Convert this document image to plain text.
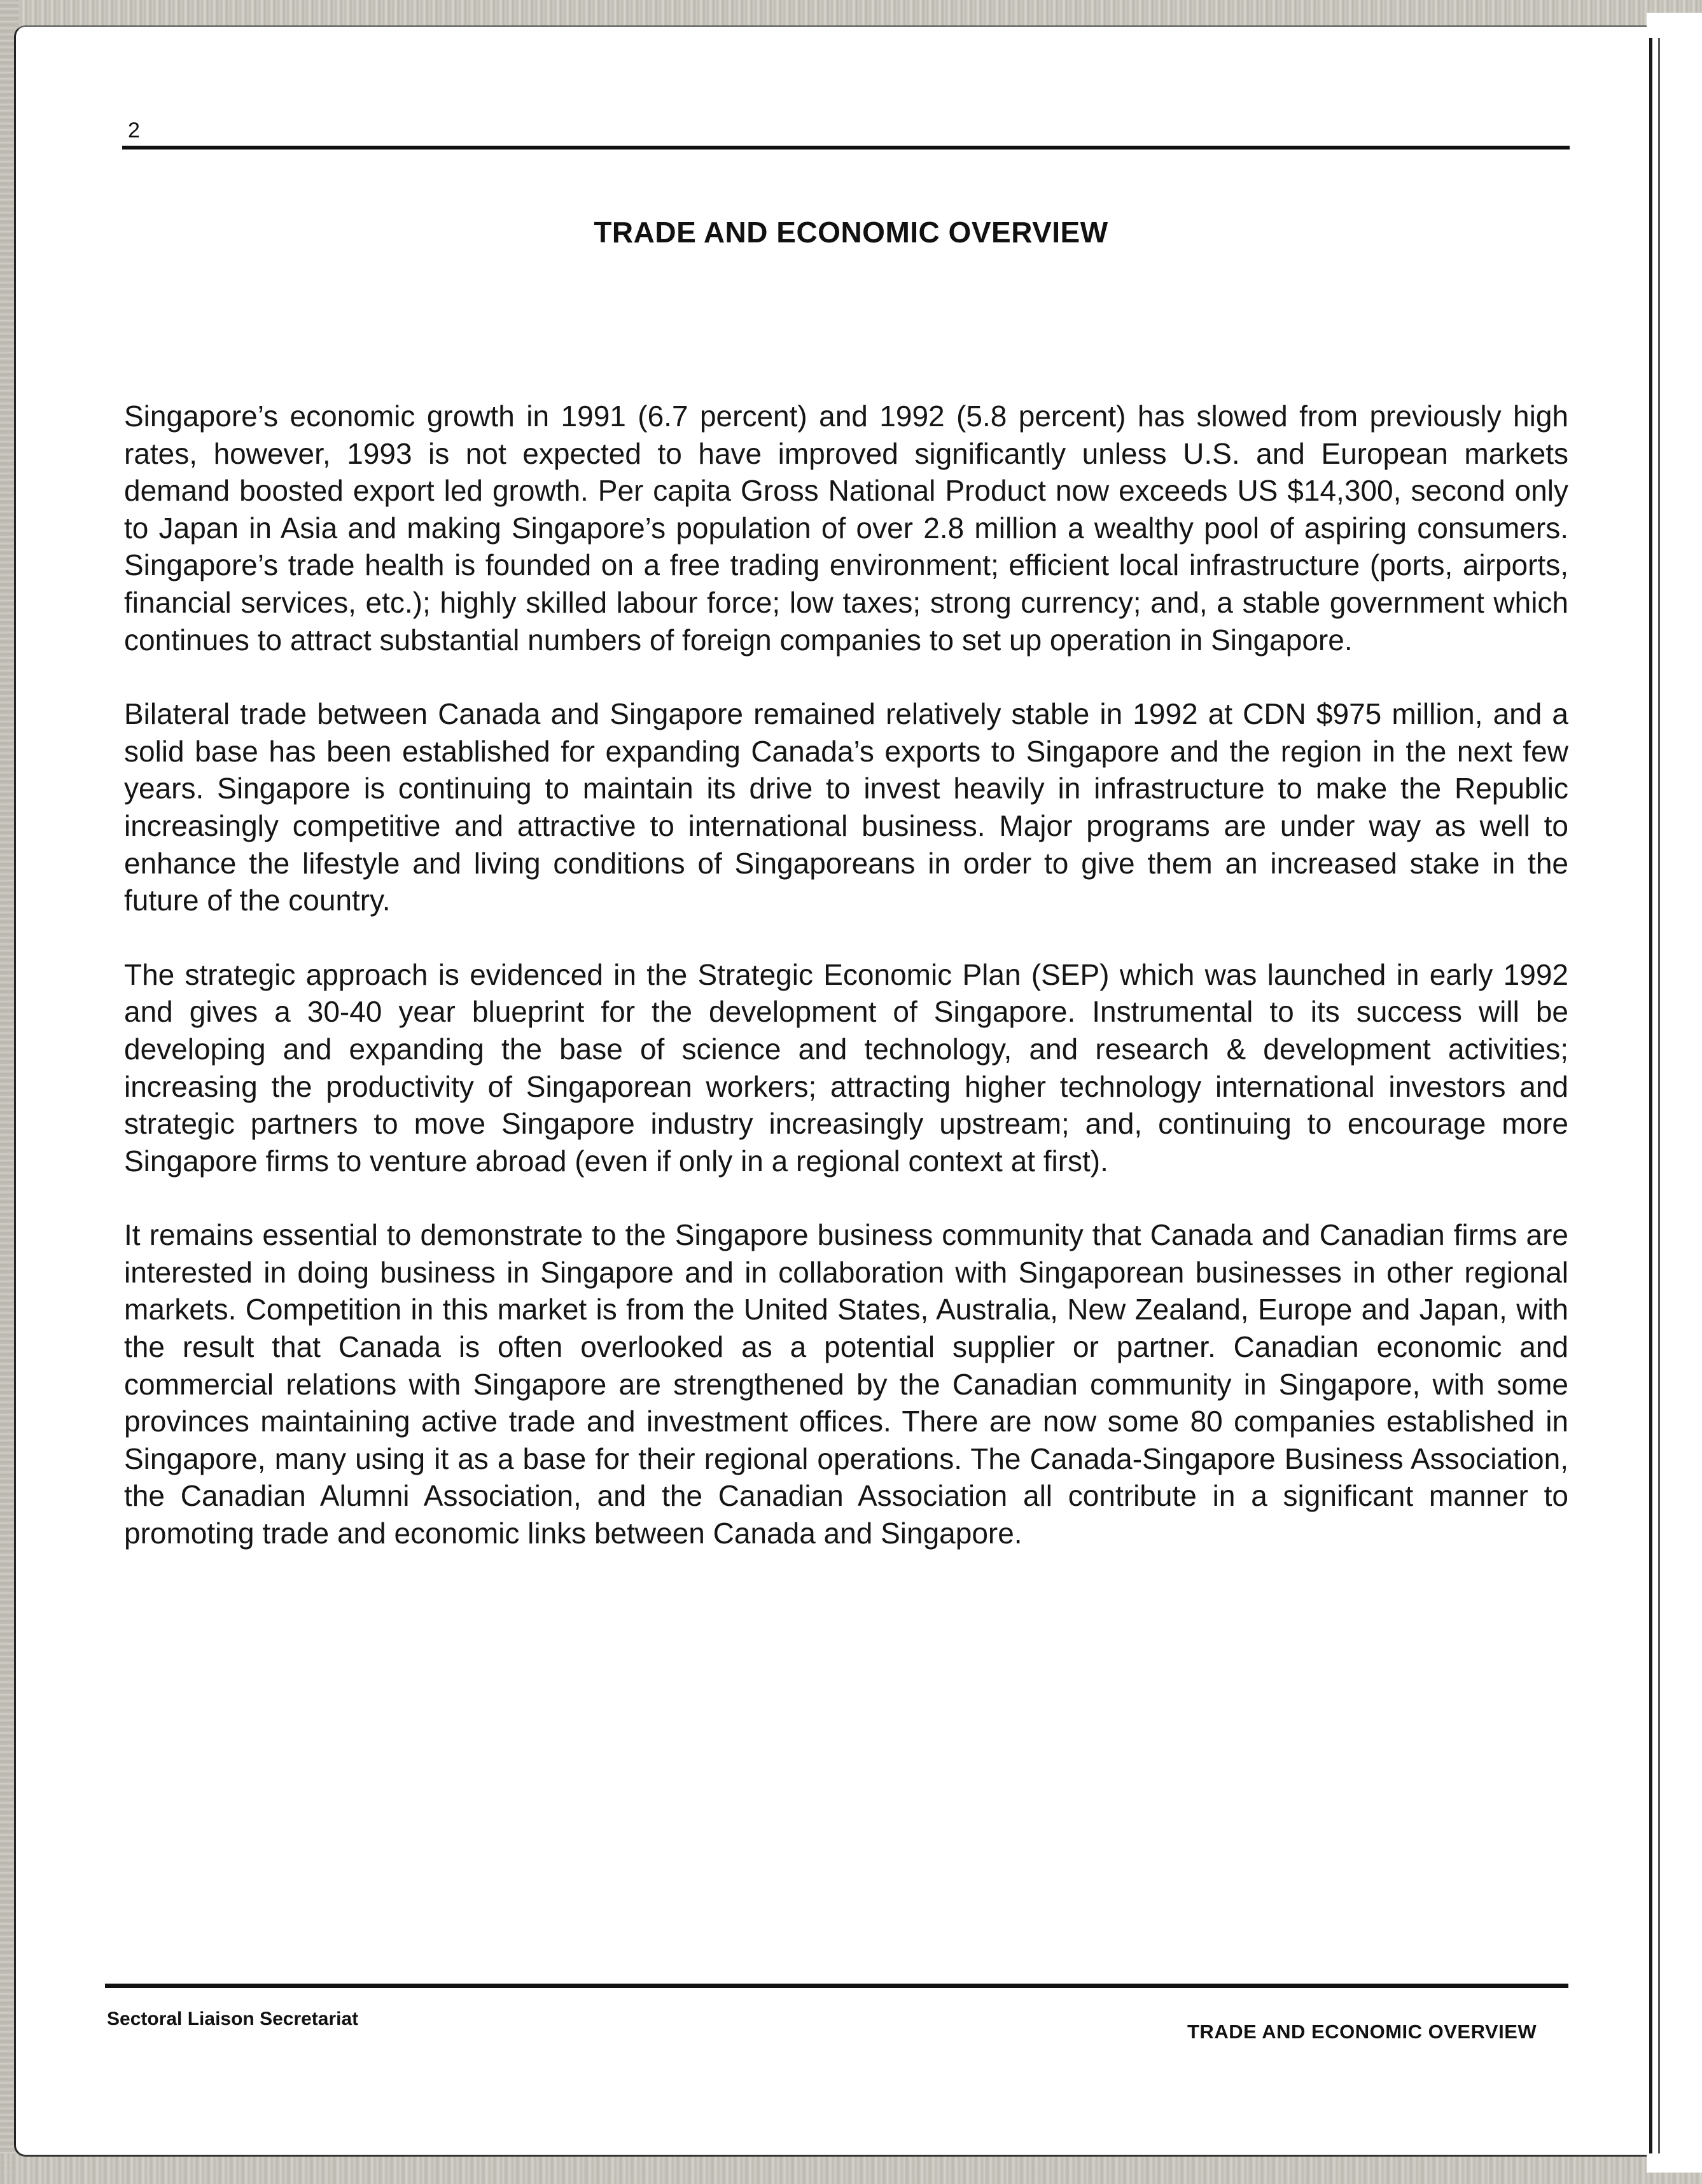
2
TRADE AND ECONOMIC OVERVIEW

Singapore’s economic growth in 1991 (6.7 percent) and 1992 (5.8 percent) has slowed from previously high rates, however, 1993 is not expected to have improved significantly unless U.S. and European markets demand boosted export led growth. Per capita Gross National Product now exceeds US $14,300, second only to Japan in Asia and making Singapore’s population of over 2.8 million a wealthy pool of aspiring consumers. Singapore’s trade health is founded on a free trading environment; efficient local infrastructure (ports, airports, financial services, etc.); highly skilled labour force; low taxes; strong currency; and, a stable government which continues to attract substantial numbers of foreign companies to set up operation in Singapore.

Bilateral trade between Canada and Singapore remained relatively stable in 1992 at CDN $975 million, and a solid base has been established for expanding Canada’s exports to Singapore and the region in the next few years. Singapore is continuing to maintain its drive to invest heavily in infrastructure to make the Republic increasingly competitive and attractive to international business. Major programs are under way as well to enhance the lifestyle and living conditions of Singaporeans in order to give them an increased stake in the future of the country.

The strategic approach is evidenced in the Strategic Economic Plan (SEP) which was launched in early 1992 and gives a 30-40 year blueprint for the development of Singapore. Instrumental to its success will be developing and expanding the base of science and technology, and research & development activities; increasing the productivity of Singaporean workers; attracting higher technology international investors and strategic partners to move Singapore industry increasingly upstream; and, continuing to encourage more Singapore firms to venture abroad (even if only in a regional context at first).

It remains essential to demonstrate to the Singapore business community that Canada and Canadian firms are interested in doing business in Singapore and in collaboration with Singaporean businesses in other regional markets. Competition in this market is from the United States, Australia, New Zealand, Europe and Japan, with the result that Canada is often overlooked as a potential supplier or partner. Canadian economic and commercial relations with Singapore are strengthened by the Canadian community in Singapore, with some provinces maintaining active trade and investment offices. There are now some 80 companies established in Singapore, many using it as a base for their regional operations. The Canada-Singapore Business Association, the Canadian Alumni Association, and the Canadian Association all contribute in a significant manner to promoting trade and economic links between Canada and Singapore.

Sectoral Liaison Secretariat
TRADE AND ECONOMIC OVERVIEW
